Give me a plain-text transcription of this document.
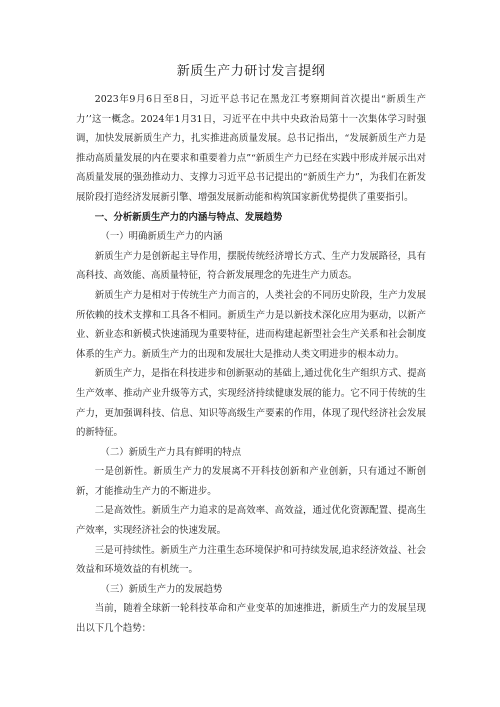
新质生产力研讨发言提纲

2023年9月6日至8日，习近平总书记在黑龙江考察期间首次提出“新质生产力’’这一概念。2024年1月31日，习近平在中共中央政治局第十一次集体学习时强调，加快发展新质生产力，扎实推进高质量发展。总书记指出，“发展新质生产力是推动高质量发展的内在要求和重要着力点”“新质生产力已经在实践中形成并展示出对高质量发展的强劲推动力、支撑力习近平总书记提出的“新质生产力”，为我们在新发展阶段打造经济发展新引擎、增强发展新动能和构筑国家新优势提供了重要指引。

一、分析新质生产力的内涵与特点、发展趋势

（一）明确新质生产力的内涵

新质生产力是创新起主导作用，摆脱传统经济增长方式、生产力发展路径，具有高科技、高效能、高质量特征，符合新发展理念的先进生产力质态。

新质生产力是相对于传统生产力而言的，人类社会的不同历史阶段，生产力发展所依赖的技术支撑和工具各不相同。新质生产力是以新技术深化应用为驱动，以新产业、新业态和新模式快速涌现为重要特征，进而构建起新型社会生产关系和社会制度体系的生产力。新质生产力的出现和发展壮大是推动人类文明进步的根本动力。

新质生产力，是指在科技进步和创新驱动的基础上,通过优化生产组织方式、提高生产效率、推动产业升级等方式，实现经济持续健康发展的能力。它不同于传统的生产力，更加强调科技、信息、知识等高级生产要素的作用，体现了现代经济社会发展的新特征。

（二）新质生产力具有鲜明的特点

一是创新性。新质生产力的发展离不开科技创新和产业创新，只有通过不断创新，才能推动生产力的不断进步。

二是高效性。新质生产力追求的是高效率、高效益，通过优化资源配置、提高生产效率，实现经济社会的快速发展。

三是可持续性。新质生产力注重生态环境保护和可持续发展,追求经济效益、社会效益和环境效益的有机统一。

（三）新质生产力的发展趋势

当前，随着全球新一轮科技革命和产业变革的加速推进，新质生产力的发展呈现出以下几个趋势：
